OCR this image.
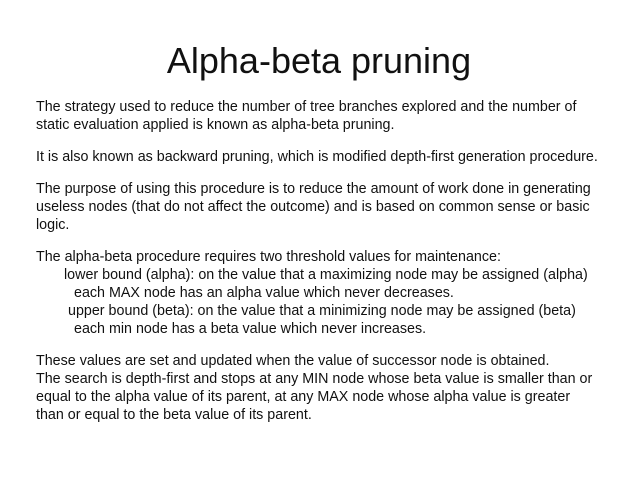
Alpha-beta pruning
The strategy used to reduce the number of tree branches explored and the number of
static evaluation applied is known as alpha-beta pruning.
It is also known as backward pruning, which is modified depth-first generation procedure.
The purpose of using this procedure is to reduce the amount of work done in generating
useless nodes (that do not affect the outcome) and is based on common sense or basic
logic.
The alpha-beta procedure requires two threshold values for maintenance:
lower bound (alpha): on the value that a maximizing node may be assigned (alpha)
each MAX node has an alpha value which never decreases.
upper bound (beta): on the value that a minimizing node may be assigned (beta)
each min node has a beta value which never increases.
These values are set and updated when the value of successor node is obtained.
The search is depth-first and stops at any MIN node whose beta value is smaller than or
equal to the alpha value of its parent, at any MAX node whose alpha value is greater
than or equal to the beta value of its parent.
